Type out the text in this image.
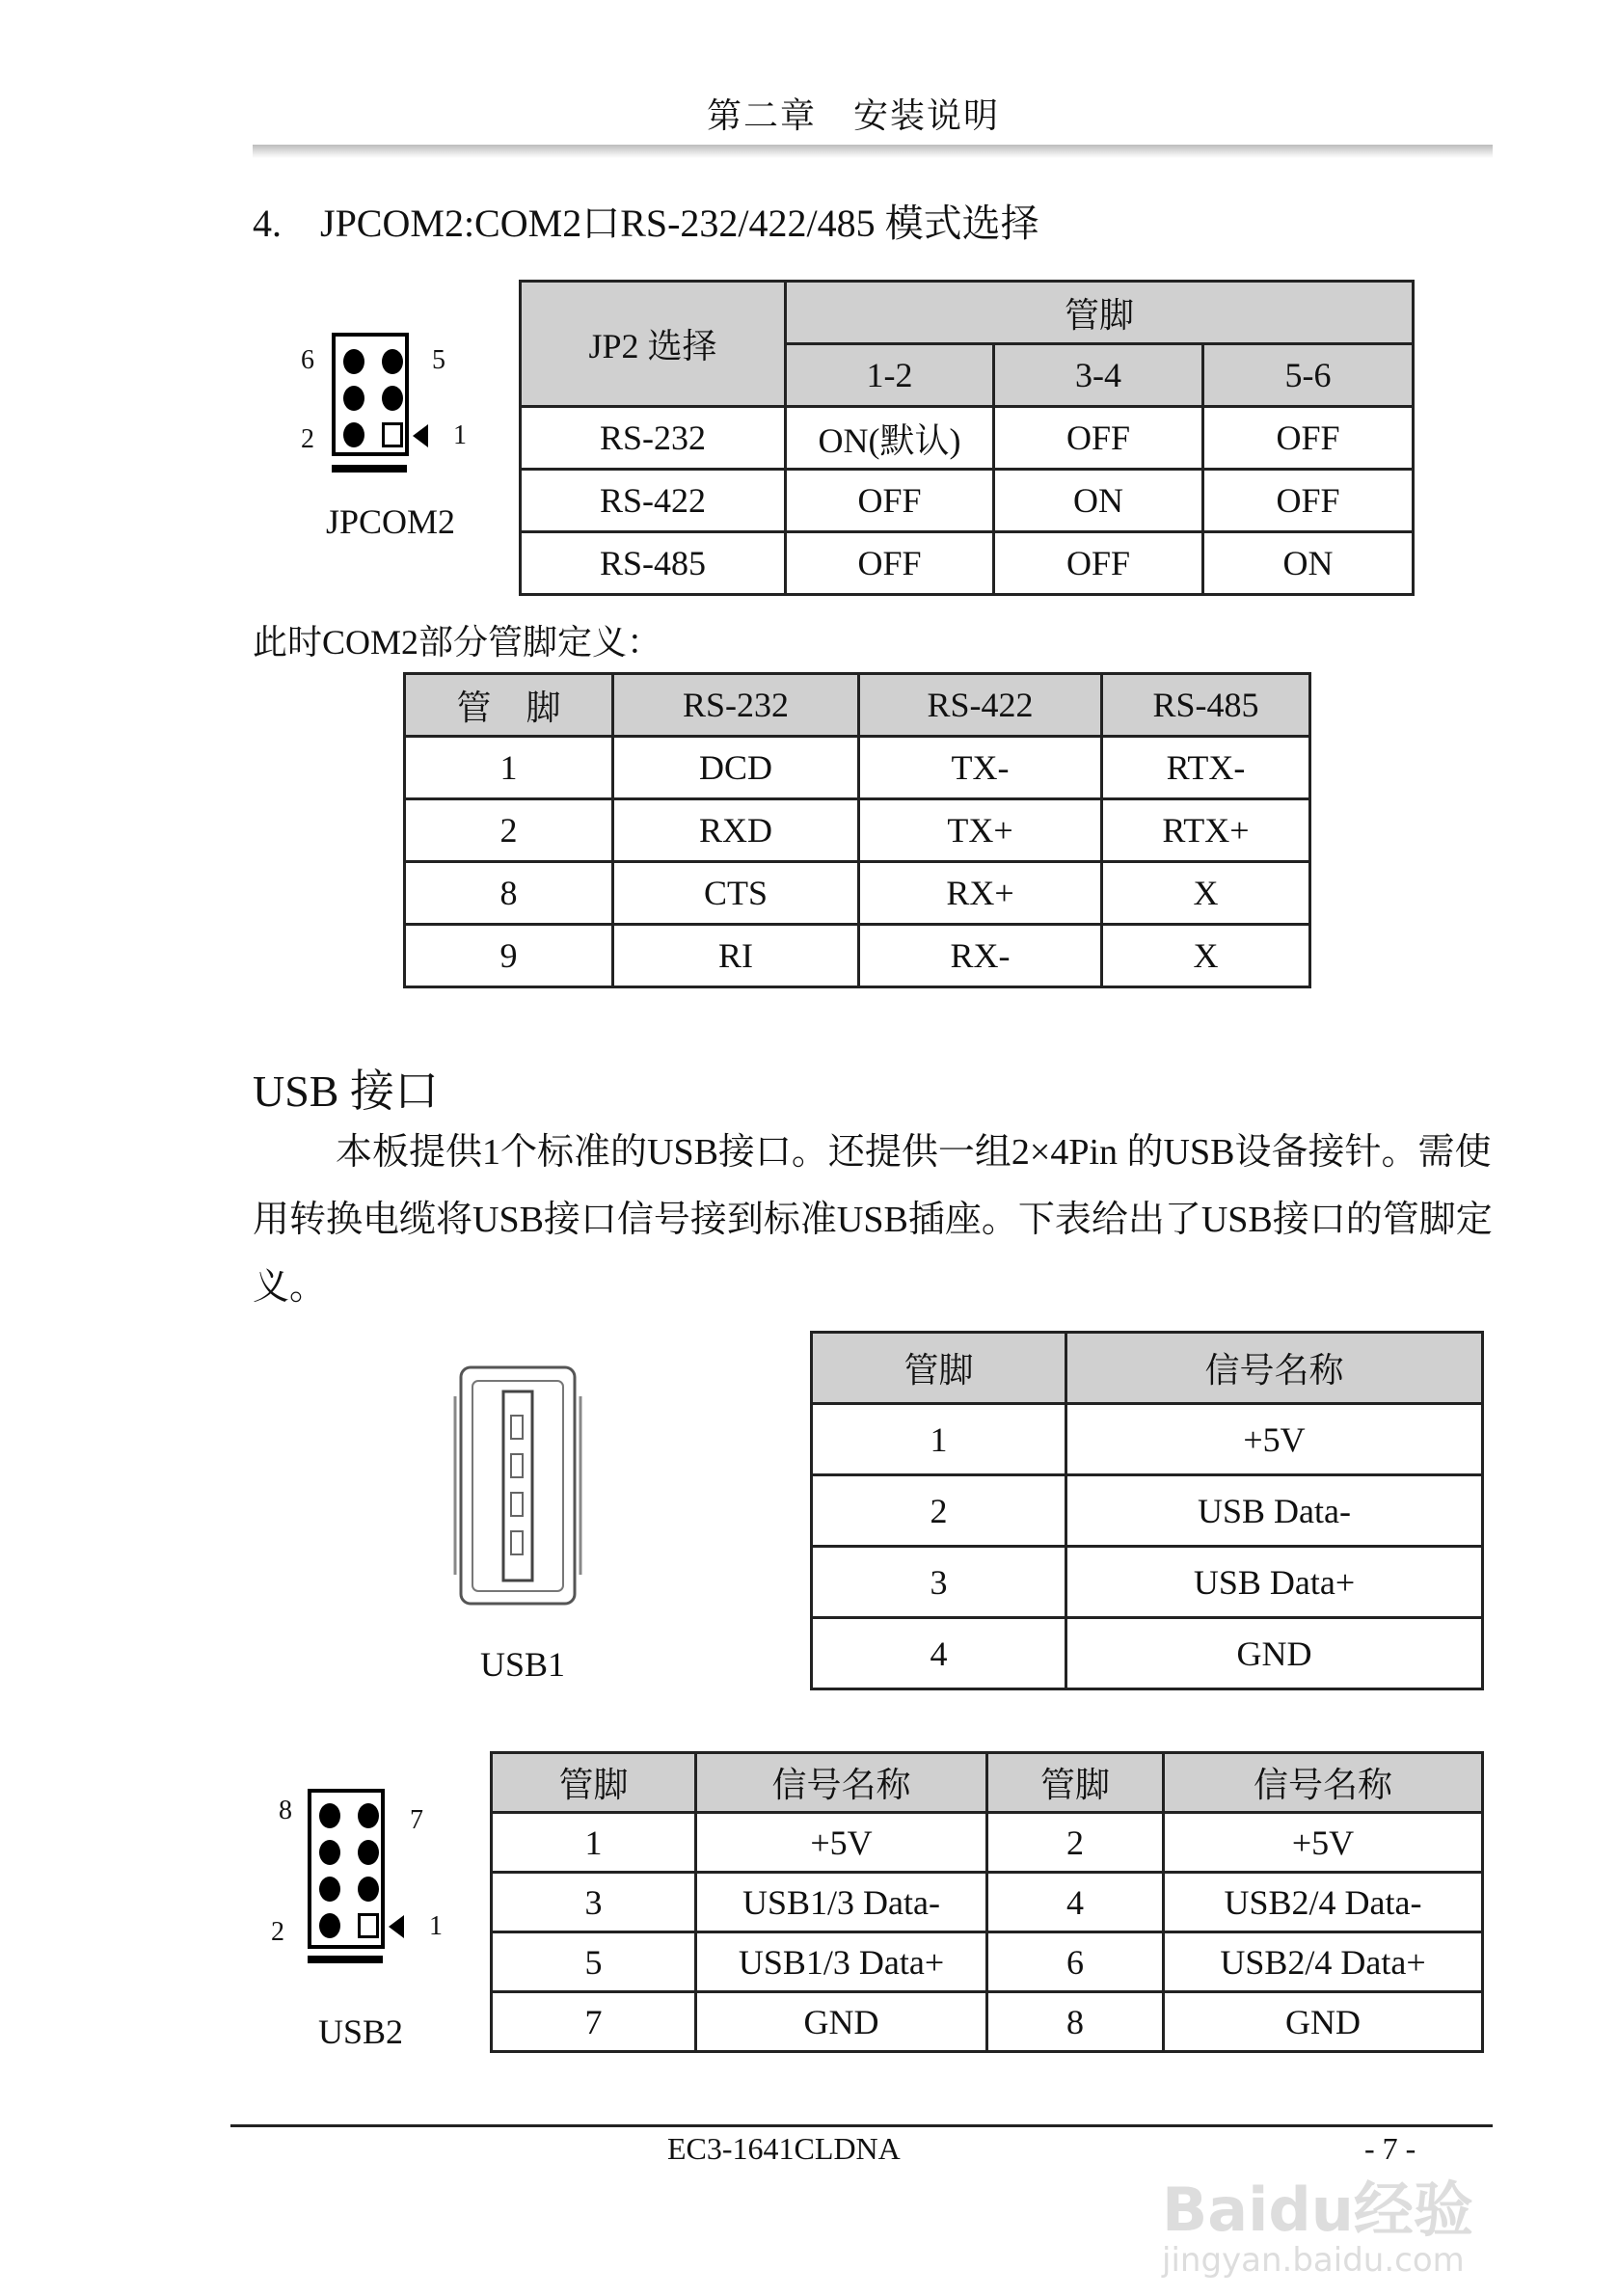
第二章　安装说明
4.　JPCOM2:COM2口RS-232/422/485 模式选择
6	5
2	1
JPCOM2
JP2 选择	管脚		
	1-2	3-4	5-6
RS-232	ON(默认)	OFF	OFF
RS-422	OFF	ON	OFF
RS-485	OFF	OFF	ON
此时COM2部分管脚定义：
管　脚	RS-232	RS-422	RS-485
1	DCD	TX-	RTX-
2	RXD	TX+	RTX+
8	CTS	RX+	X
9	RI	RX-	X
USB 接口
本板提供1个标准的USB接口。还提供一组2×4Pin 的USB设备接针。需使用转换电缆将USB接口信号接到标准USB插座。下表给出了USB接口的管脚定义。
USB1
管脚	信号名称
1	+5V
2	USB Data-
3	USB Data+
4	GND
8	7
2	1
USB2
管脚	信号名称	管脚	信号名称
1	+5V	2	+5V
3	USB1/3 Data-	4	USB2/4 Data-
5	USB1/3 Data+	6	USB2/4 Data+
7	GND	8	GND
EC3-1641CLDNA	- 7 -
Baidu经验
jingyan.baidu.com
